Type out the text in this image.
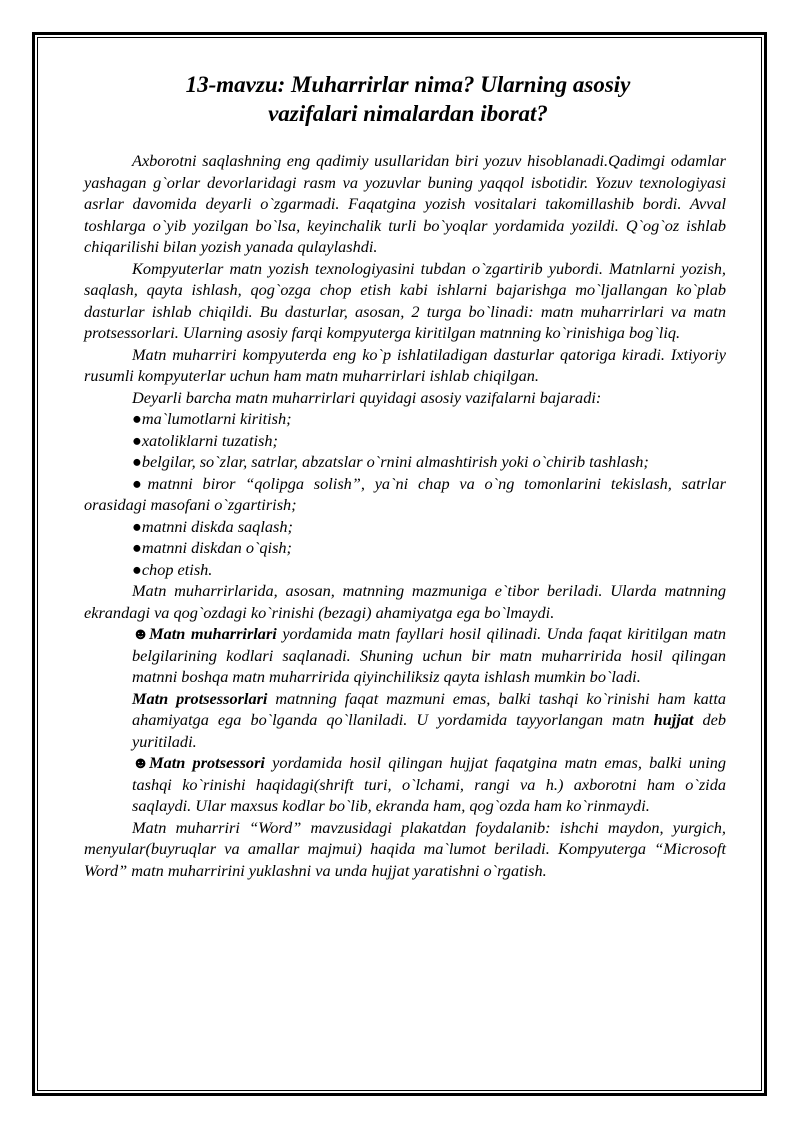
13-mavzu: Muharrirlar nima? Ularning asosiy
vazifalari nimalardan iborat?

Axborotni saqlashning eng qadimiy usullaridan biri yozuv hisoblanadi.Qadimgi odamlar yashagan g`orlar devorlaridagi rasm va yozuvlar buning yaqqol isbotidir. Yozuv texnologiyasi asrlar davomida deyarli o`zgarmadi. Faqatgina yozish vositalari takomillashib bordi. Avval toshlarga o`yib yozilgan bo`lsa, keyinchalik turli bo`yoqlar yordamida yozildi. Q`og`oz ishlab chiqarilishi bilan yozish yanada qulaylashdi.

Kompyuterlar matn yozish texnologiyasini tubdan o`zgartirib yubordi. Matnlarni yozish, saqlash, qayta ishlash, qog`ozga chop etish kabi ishlarni bajarishga mo`ljallangan ko`plab dasturlar ishlab chiqildi. Bu dasturlar, asosan, 2 turga bo`linadi: matn muharrirlari va matn protsessorlari. Ularning asosiy farqi kompyuterga kiritilgan matnning ko`rinishiga bog`liq.

Matn muharriri kompyuterda eng ko`p ishlatiladigan dasturlar qatoriga kiradi. Ixtiyoriy rusumli kompyuterlar uchun ham matn muharrirlari ishlab chiqilgan.

Deyarli barcha matn muharrirlari quyidagi asosiy vazifalarni bajaradi:

●ma`lumotlarni kiritish;

●xatoliklarni tuzatish;

●belgilar, so`zlar, satrlar, abzatslar o`rnini almashtirish yoki o`chirib tashlash;

●matnni biror “qolipga solish”, ya`ni chap va o`ng tomonlarini tekislash, satrlar orasidagi masofani o`zgartirish;

●matnni diskda saqlash;

●matnni diskdan o`qish;

●chop etish.

Matn muharrirlarida, asosan, matnning mazmuniga e`tibor beriladi. Ularda matnning ekrandagi va qog`ozdagi ko`rinishi (bezagi) ahamiyatga ega bo`lmaydi.

☻Matn muharrirlari yordamida matn fayllari hosil qilinadi. Unda faqat kiritilgan matn belgilarining kodlari saqlanadi. Shuning uchun bir matn muharririda hosil qilingan matnni boshqa matn muharririda qiyinchiliksiz qayta ishlash mumkin bo`ladi.

Matn protsessorlari matnning faqat mazmuni emas, balki tashqi ko`rinishi ham katta ahamiyatga ega bo`lganda qo`llaniladi. U yordamida tayyorlangan matn hujjat deb yuritiladi.

☻Matn protsessori yordamida hosil qilingan hujjat faqatgina matn emas, balki uning tashqi ko`rinishi haqidagi(shrift turi, o`lchami, rangi va h.) axborotni ham o`zida saqlaydi. Ular maxsus kodlar bo`lib, ekranda ham, qog`ozda ham ko`rinmaydi.

Matn muharriri “Word” mavzusidagi plakatdan foydalanib: ishchi maydon, yurgich, menyular(buyruqlar va amallar majmui) haqida ma`lumot beriladi. Kompyuterga “Microsoft Word” matn muharririni yuklashni va unda hujjat yaratishni o`rgatish.
